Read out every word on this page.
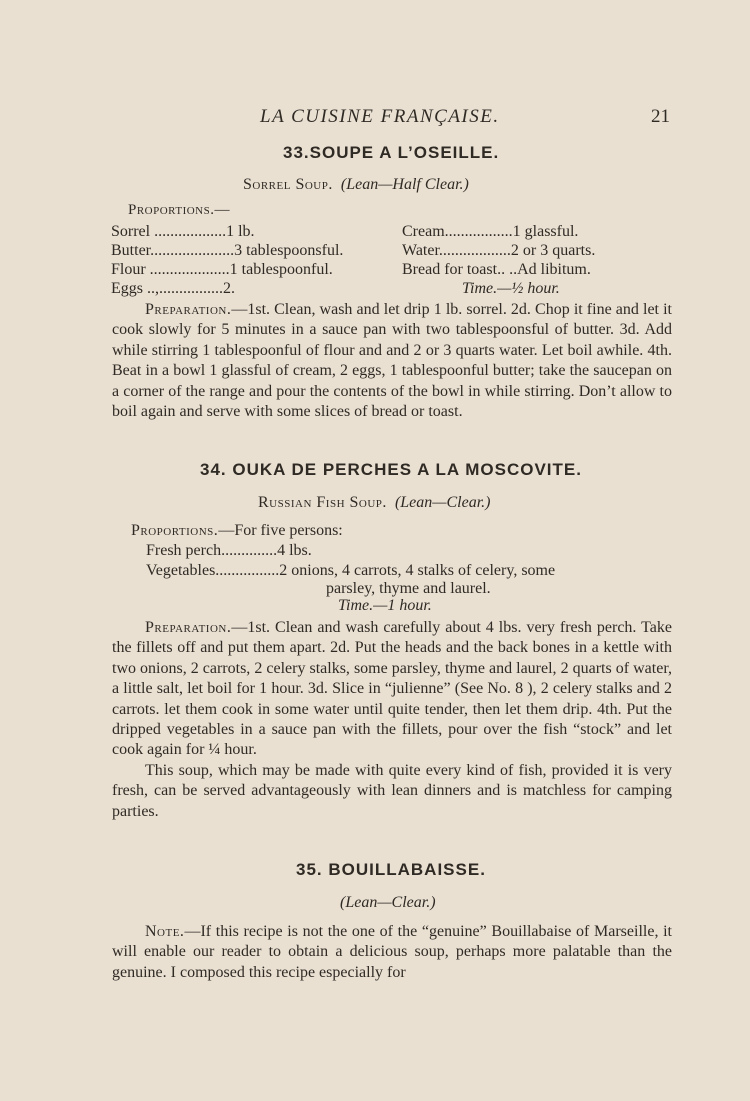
LA CUISINE FRANÇAISE.	21
33.SOUPE A L’OSEILLE.
Sorrel Soup. (Lean—Half Clear.)
Proportions.—
Sorrel ..................1 lb.
Butter.....................3 tablespoonsful.
Flour ....................1 tablespoonful.
Eggs ..,................2.
Cream.................1 glassful.
Water..................2 or 3 quarts.
Bread for toast.. ..Ad libitum.
Time.—½ hour.

Preparation.—1st. Clean, wash and let drip 1 lb. sorrel. 2d. Chop it fine and let it cook slowly for 5 minutes in a sauce pan with two tablespoonsful of butter. 3d. Add while stirring 1 tablespoonful of flour and and 2 or 3 quarts water. Let boil awhile. 4th. Beat in a bowl 1 glassful of cream, 2 eggs, 1 tablespoonful butter; take the saucepan on a corner of the range and pour the contents of the bowl in while stirring. Don’t allow to boil again and serve with some slices of bread or toast.

34. OUKA DE PERCHES A LA MOSCOVITE.
Russian Fish Soup. (Lean—Clear.)
Proportions.—For five persons:
Fresh perch..............4 lbs.
Vegetables................2 onions, 4 carrots, 4 stalks of celery, some
parsley, thyme and laurel.
Time.—1 hour.

Preparation.—1st. Clean and wash carefully about 4 lbs. very fresh perch. Take the fillets off and put them apart. 2d. Put the heads and the back bones in a kettle with two onions, 2 carrots, 2 celery stalks, some parsley, thyme and laurel, 2 quarts of water, a little salt, let boil for 1 hour. 3d. Slice in “julienne” (See No. 8 ), 2 celery stalks and 2 carrots. let them cook in some water until quite tender, then let them drip. 4th. Put the dripped vegetables in a sauce pan with the fillets, pour over the fish “stock” and let cook again for ¼ hour.

This soup, which may be made with quite every kind of fish, provided it is very fresh, can be served advantageously with lean dinners and is matchless for camping parties.

35. BOUILLABAISSE.
(Lean—Clear.)

Note.—If this recipe is not the one of the “genuine” Bouillabaise of Marseille, it will enable our reader to obtain a delicious soup, perhaps more palatable than the genuine. I composed this recipe especially for
